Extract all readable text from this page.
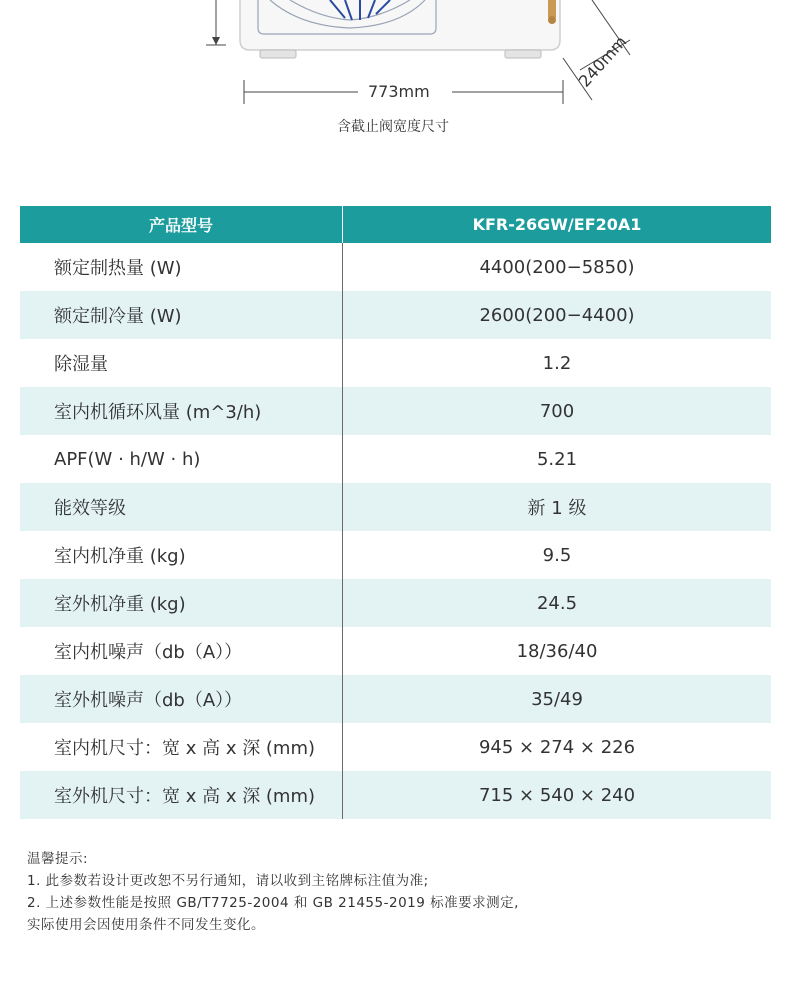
773mm
240mm
含截止阀宽度尺寸
产品型号	KFR-26GW/EF20A1
额定制热量 (W)	4400(200−5850)
额定制冷量 (W)	2600(200−4400)
除湿量	1.2
室内机循环风量 (m^3/h)	700
APF(W · h/W · h)	5.21
能效等级	新 1 级
室内机净重 (kg)	9.5
室外机净重 (kg)	24.5
室内机噪声（db（A））	18/36/40
室外机噪声（db（A））	35/49
室内机尺寸：宽 x 高 x 深 (mm)	945 × 274 × 226
室外机尺寸：宽 x 高 x 深 (mm)	715 × 540 × 240

温馨提示:

1. 此参数若设计更改恕不另行通知，请以收到主铭牌标注值为准;

2. 上述参数性能是按照 GB/T7725-2004 和 GB 21455-2019 标准要求测定,

实际使用会因使用条件不同发生变化。
